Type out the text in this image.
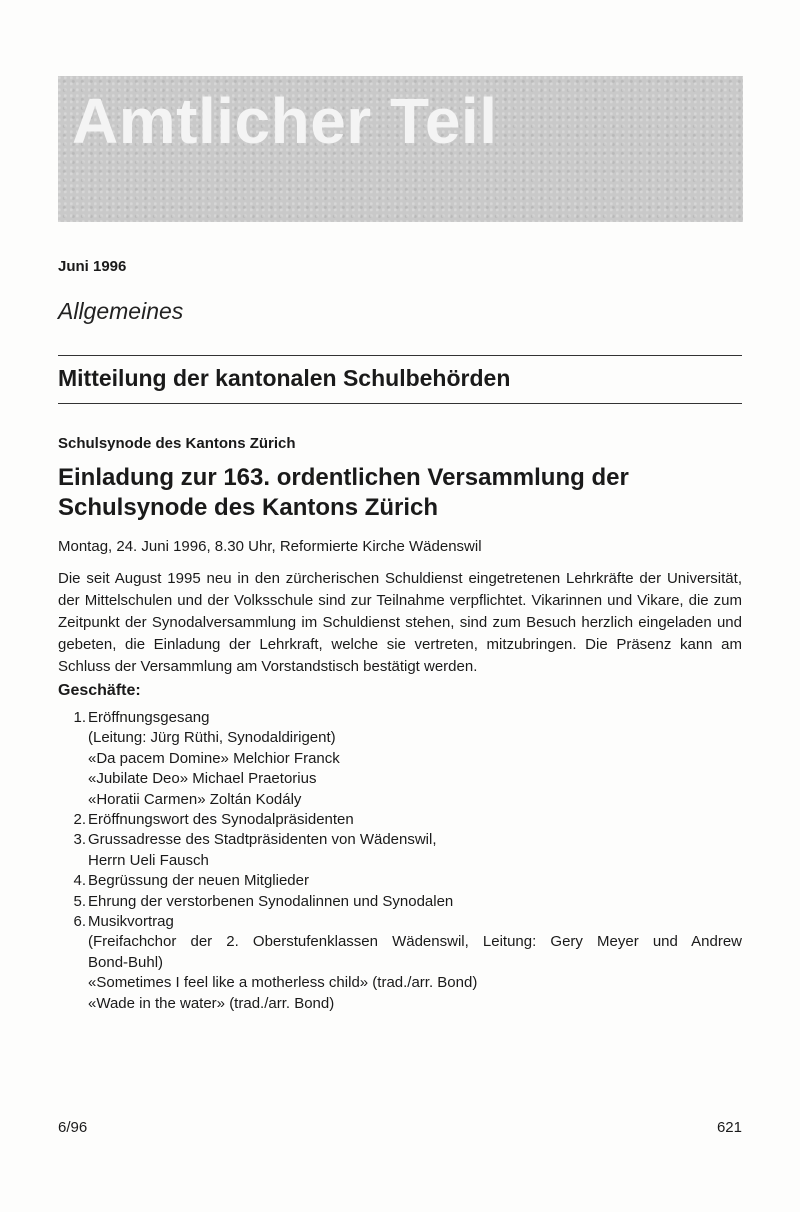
Amtlicher Teil
Juni 1996
Allgemeines
Mitteilung der kantonalen Schulbehörden
Schulsynode des Kantons Zürich
Einladung zur 163. ordentlichen Versammlung der Schulsynode des Kantons Zürich
Montag, 24. Juni 1996, 8.30 Uhr, Reformierte Kirche Wädenswil
Die seit August 1995 neu in den zürcherischen Schuldienst eingetretenen Lehrkräfte der Universität, der Mittelschulen und der Volksschule sind zur Teilnahme verpflichtet. Vikarinnen und Vikare, die zum Zeitpunkt der Synodalversammlung im Schuldienst stehen, sind zum Besuch herzlich eingeladen und gebeten, die Einladung der Lehrkraft, welche sie vertreten, mitzubringen. Die Präsenz kann am Schluss der Versammlung am Vorstandstisch bestätigt werden.
Geschäfte:
1. Eröffnungsgesang
(Leitung: Jürg Rüthi, Synodaldirigent)
«Da pacem Domine» Melchior Franck
«Jubilate Deo» Michael Praetorius
«Horatii Carmen» Zoltán Kodály
2. Eröffnungswort des Synodalpräsidenten
3. Grussadresse des Stadtpräsidenten von Wädenswil,
Herrn Ueli Fausch
4. Begrüssung der neuen Mitglieder
5. Ehrung der verstorbenen Synodalinnen und Synodalen
6. Musikvortrag
(Freifachchor der 2. Oberstufenklassen Wädenswil, Leitung: Gery Meyer und Andrew
Bond-Buhl)
«Sometimes I feel like a motherless child» (trad./arr. Bond)
«Wade in the water» (trad./arr. Bond)
6/96	621
